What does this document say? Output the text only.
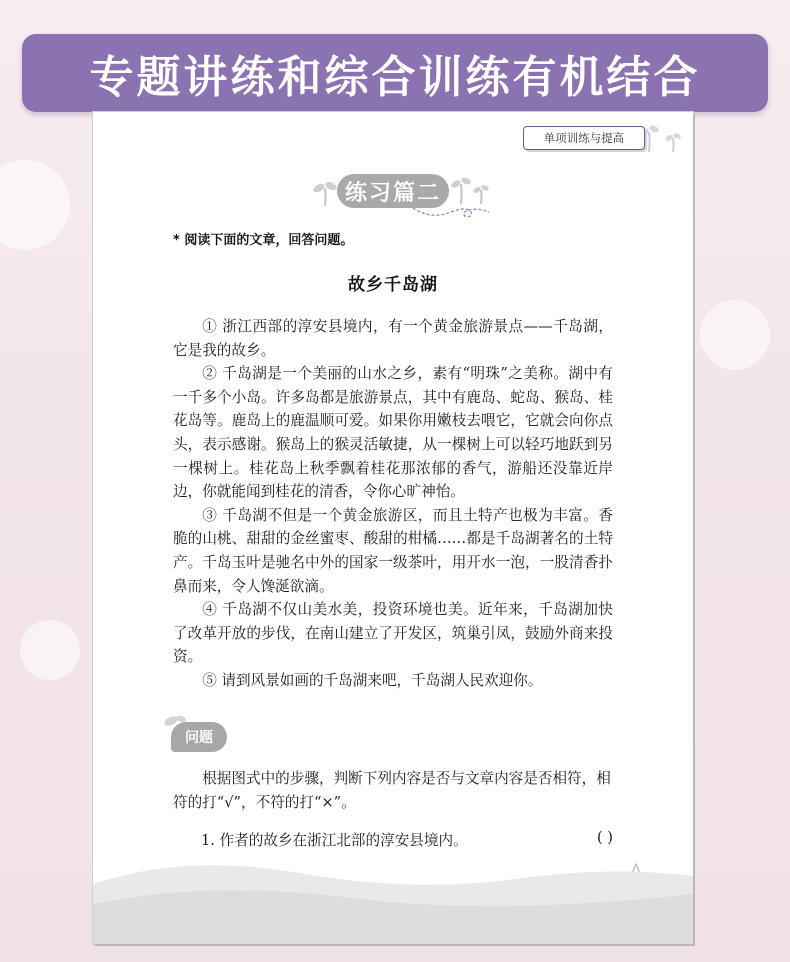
专题讲练和综合训练有机结合
单项训练与提高
练习篇二
* 阅读下面的文章，回答问题。
故乡千岛湖

① 浙江西部的淳安县境内，有一个黄金旅游景点——千岛湖，它是我的故乡。

② 千岛湖是一个美丽的山水之乡，素有“明珠”之美称。湖中有一千多个小岛。许多岛都是旅游景点，其中有鹿岛、蛇岛、猴岛、桂花岛等。鹿岛上的鹿温顺可爱。如果你用嫩枝去喂它，它就会向你点头，表示感谢。猴岛上的猴灵活敏捷，从一棵树上可以轻巧地跃到另一棵树上。桂花岛上秋季飘着桂花那浓郁的香气，游船还没靠近岸边，你就能闻到桂花的清香，令你心旷神怡。

③ 千岛湖不但是一个黄金旅游区，而且土特产也极为丰富。香脆的山桃、甜甜的金丝蜜枣、酸甜的柑橘……都是千岛湖著名的土特产。千岛玉叶是驰名中外的国家一级茶叶，用开水一泡，一股清香扑鼻而来，令人馋涎欲滴。

④ 千岛湖不仅山美水美，投资环境也美。近年来，千岛湖加快了改革开放的步伐，在南山建立了开发区，筑巢引凤，鼓励外商来投资。

⑤ 请到风景如画的千岛湖来吧，千岛湖人民欢迎你。

问题

根据图式中的步骤，判断下列内容是否与文章内容是否相符，相符的打“√”，不符的打“×”。

1. 作者的故乡在浙江北部的淳安县境内。	( )
